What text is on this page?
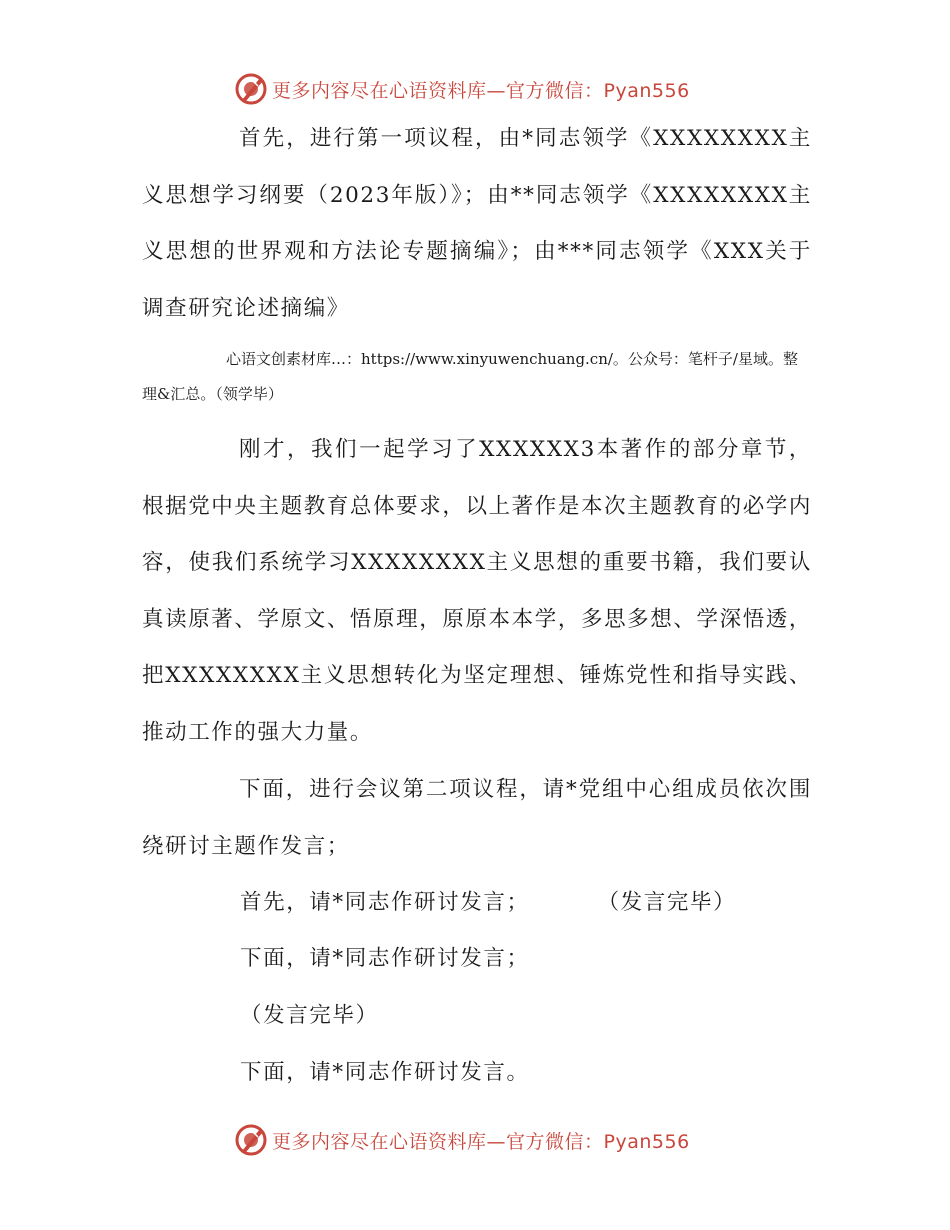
更多内容尽在心语资料库—官方微信：Pyan556

首先，进行第一项议程，由*同志领学《XXXXXXXX主义思想学习纲要（2023年版）》；由**同志领学《XXXXXXXX主义思想的世界观和方法论专题摘编》；由***同志领学《XXX关于调查研究论述摘编》

心语文创素材库…：https://www.xinyuwenchuang.cn/。公众号：笔杆子/星域。整理&汇总。（领学毕）

刚才，我们一起学习了XXXXXX3本著作的部分章节，根据党中央主题教育总体要求，以上著作是本次主题教育的必学内容，使我们系统学习XXXXXXXX主义思想的重要书籍，我们要认真读原著、学原文、悟原理，原原本本学，多思多想、学深悟透，把XXXXXXXX主义思想转化为坚定理想、锤炼党性和指导实践、推动工作的强大力量。

下面，进行会议第二项议程，请*党组中心组成员依次围绕研讨主题作发言；

首先，请*同志作研讨发言；	（发言完毕）

下面，请*同志作研讨发言；

（发言完毕）

下面，请*同志作研讨发言。

更多内容尽在心语资料库—官方微信：Pyan556
